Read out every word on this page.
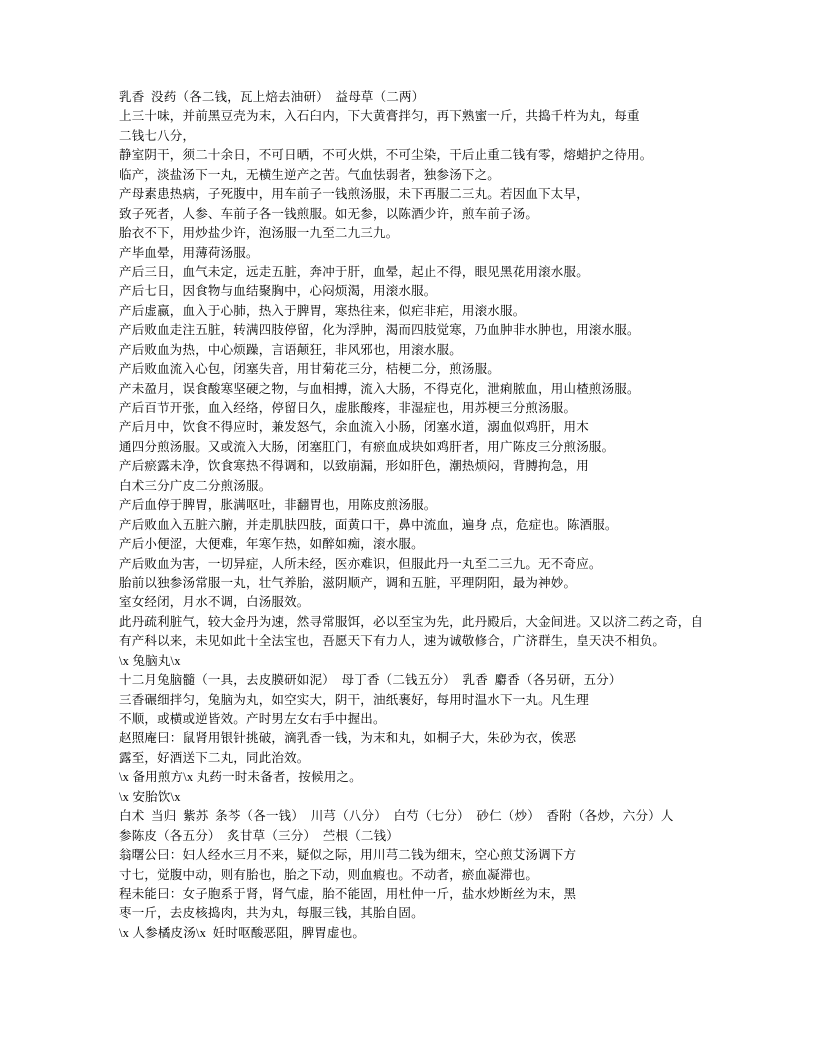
乳香  没药（各二钱，瓦上焙去油研）  益母草（二两）
上三十味，并前黑豆壳为末，入石臼内，下大黄膏拌匀，再下熟蜜一斤，共捣千杵为丸，每重
二钱七八分，
静室阴干，须二十余日，不可日晒，不可火烘，不可尘染，干后止重二钱有零，熔蜡护之待用。
临产，淡盐汤下一丸，无横生逆产之苦。气血怯弱者，独参汤下之。
产母素患热病，子死腹中，用车前子一钱煎汤服，未下再服二三丸。若因血下太早，
致子死者，人参、车前子各一钱煎服。如无参，以陈酒少许，煎车前子汤。
胎衣不下，用炒盐少许，泡汤服一九至二九三九。
产毕血晕，用薄荷汤服。
产后三日，血气未定，远走五脏，奔冲于肝，血晕，起止不得，眼见黑花用滚水服。
产后七日，因食物与血结聚胸中，心闷烦渴，用滚水服。
产后虚嬴，血入于心肺，热入于脾胃，寒热往来，似疟非疟，用滚水服。
产后败血走注五脏，转满四肢停留，化为浮肿，渴而四肢觉寒，乃血肿非水肿也，用滚水服。
产后败血为热，中心烦躁，言语颠狂，非风邪也，用滚水服。
产后败血流入心包，闭塞失音，用甘菊花三分，桔梗二分，煎汤服。
产未盈月，误食酸寒坚硬之物，与血相搏，流入大肠，不得克化，泄痢脓血，用山楂煎汤服。
产后百节开张，血入经络，停留日久，虚胀酸疼，非湿症也，用苏梗三分煎汤服。
产后月中，饮食不得应时，兼发怒气，余血流入小肠，闭塞水道，溺血似鸡肝，用木
通四分煎汤服。又或流入大肠，闭塞肛门，有瘀血成块如鸡肝者，用广陈皮三分煎汤服。
产后瘀露未净，饮食寒热不得调和，以致崩漏，形如肝色，潮热烦闷，背膊拘急，用
白术三分广皮二分煎汤服。
产后血停于脾胃，胀满呕吐，非翻胃也，用陈皮煎汤服。
产后败血入五脏六腑，并走肌肤四肢，面黄口干，鼻中流血，遍身 点，危症也。陈酒服。
产后小便涩，大便难，年寒乍热，如醉如痴，滚水服。
产后败血为害，一切异症，人所未经，医亦难识，但服此丹一丸至二三九。无不奇应。
胎前以独参汤常服一丸，壮气养胎，滋阴顺产，调和五脏，平理阴阳，最为神妙。
室女经闭，月水不调，白汤服效。
此丹疏利脏气，较大金丹为速，然寻常服饵，必以至宝为先，此丹殿后，大金间进。又以济二药之奇，自
有产科以来，未见如此十全法宝也，吾愿天下有力人，速为诚敬修合，广济群生，皇天决不相负。
\x 兔脑丸\x
十二月兔脑髓（一具，去皮膜研如泥）  母丁香（二钱五分）  乳香  麝香（各另研，五分）
三香碾细拌匀，兔脑为丸，如空实大，阴干，油纸裹好，每用时温水下一丸。凡生理
不顺，或横或逆皆效。产时男左女右手中握出。
赵照庵曰：鼠肾用银针挑破，滴乳香一钱，为末和丸，如桐子大，朱砂为衣，俟恶
露至，好酒送下二丸，同此治效。
\x 备用煎方\x 丸药一时未备者，按候用之。
\x 安胎饮\x
白术  当归  紫苏  条芩（各一钱）  川芎（八分）  白芍（七分）  砂仁（炒）  香附（各炒，六分）人
参陈皮（各五分）  炙甘草（三分）  苎根（二钱）
翁曙公曰：妇人经水三月不来，疑似之际，用川芎二钱为细末，空心煎艾汤调下方
寸七，觉腹中动，则有胎也，胎之下动，则血瘕也。不动者，瘀血凝滞也。
程未能曰：女子胞系于肾，肾气虚，胎不能固，用杜仲一斤，盐水炒断丝为末，黑
枣一斤，去皮核捣肉，共为丸，每服三钱，其胎自固。
\x 人参橘皮汤\x  妊时呕酸恶阻，脾胃虚也。
